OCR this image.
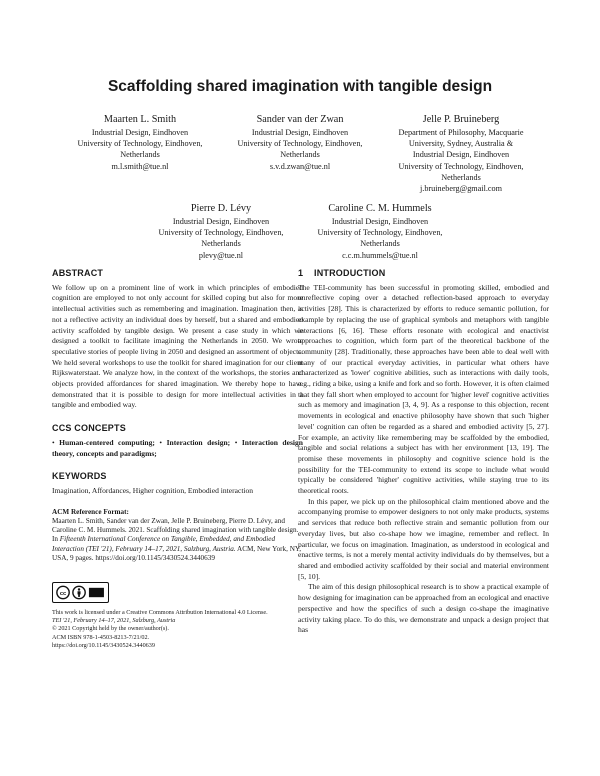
Scaffolding shared imagination with tangible design
Maarten L. Smith
Industrial Design, Eindhoven
University of Technology, Eindhoven,
Netherlands
m.l.smith@tue.nl
Sander van der Zwan
Industrial Design, Eindhoven
University of Technology, Eindhoven,
Netherlands
s.v.d.zwan@tue.nl
Jelle P. Bruineberg
Department of Philosophy, Macquarie
University, Sydney, Australia &
Industrial Design, Eindhoven
University of Technology, Eindhoven,
Netherlands
j.bruineberg@gmail.com
Pierre D. Lévy
Industrial Design, Eindhoven
University of Technology, Eindhoven,
Netherlands
plevy@tue.nl
Caroline C. M. Hummels
Industrial Design, Eindhoven
University of Technology, Eindhoven,
Netherlands
c.c.m.hummels@tue.nl
ABSTRACT

We follow up on a prominent line of work in which principles of embodied cognition are employed to not only account for skilled coping but also for more intellectual activities such as remembering and imagination. Imagination then, is not a reflective activity an individual does by herself, but a shared and embodied activity scaffolded by tangible design. We present a case study in which we designed a toolkit to facilitate imagining the Netherlands in 2050. We wrote speculative stories of people living in 2050 and designed an assortment of objects. We held several workshops to use the toolkit for shared imagination for our client Rijkswaterstaat. We analyze how, in the context of the workshops, the stories and objects provided affordances for shared imagination. We thereby hope to have demonstrated that it is possible to design for more intellectual activities in a tangible and embodied way.

CCS CONCEPTS

• Human-centered computing; • Interaction design; • Interaction design theory, concepts and paradigms;

KEYWORDS

Imagination, Affordances, Higher cognition, Embodied interaction

ACM Reference Format:

Maarten L. Smith, Sander van der Zwan, Jelle P. Bruineberg, Pierre D. Lévy, and Caroline C. M. Hummels. 2021. Scaffolding shared imagination with tangible design. In Fifteenth International Conference on Tangible, Embedded, and Embodied Interaction (TEI '21), February 14–17, 2021, Salzburg, Austria. ACM, New York, NY, USA, 9 pages. https://doi.org/10.1145/3430524.3440639

cc
This work is licensed under a Creative Commons Attribution International 4.0 License.
TEI '21, February 14–17, 2021, Salzburg, Austria
© 2021 Copyright held by the owner/author(s).
ACM ISBN 978-1-4503-8213-7/21/02.
https://doi.org/10.1145/3430524.3440639
1 INTRODUCTION

The TEI-community has been successful in promoting skilled, embodied and unreflective coping over a detached reflection-based approach to everyday activities [28]. This is characterized by efforts to reduce semantic pollution, for example by replacing the use of graphical symbols and metaphors with tangible interactions [6, 16]. These efforts resonate with ecological and enactivist approaches to cognition, which form part of the theoretical backbone of the community [28]. Traditionally, these approaches have been able to deal well with many of our practical everyday activities, in particular what others have characterized as 'lower' cognitive abilities, such as interactions with daily tools, e.g., riding a bike, using a knife and fork and so forth. However, it is often claimed that they fall short when employed to account for 'higher level' cognitive activities such as memory and imagination [3, 4, 9]. As a response to this objection, recent movements in ecological and enactive philosophy have shown that such 'higher level' cognition can often be regarded as a shared and embodied activity [5, 27]. For example, an activity like remembering may be scaffolded by the embodied, tangible and social relations a subject has with her environment [13, 19]. The promise these movements in philosophy and cognitive science hold is the possibility for the TEI-community to extend its scope to include what would typically be considered 'higher' cognitive activities, while staying true to its theoretical roots.

In this paper, we pick up on the philosophical claim mentioned above and the accompanying promise to empower designers to not only make products, systems and services that reduce both reflective strain and semantic pollution from our everyday lives, but also co-shape how we imagine, remember and reflect. In particular, we focus on imagination. Imagination, as understood in ecological and enactive terms, is not a merely mental activity individuals do by themselves, but a shared and embodied activity scaffolded by their social and material environment [5, 10].

The aim of this design philosophical research is to show a practical example of how designing for imagination can be approached from an ecological and enactive perspective and how the specifics of such a design co-shape the imaginative activity taking place. To do this, we demonstrate and unpack a design project that has
